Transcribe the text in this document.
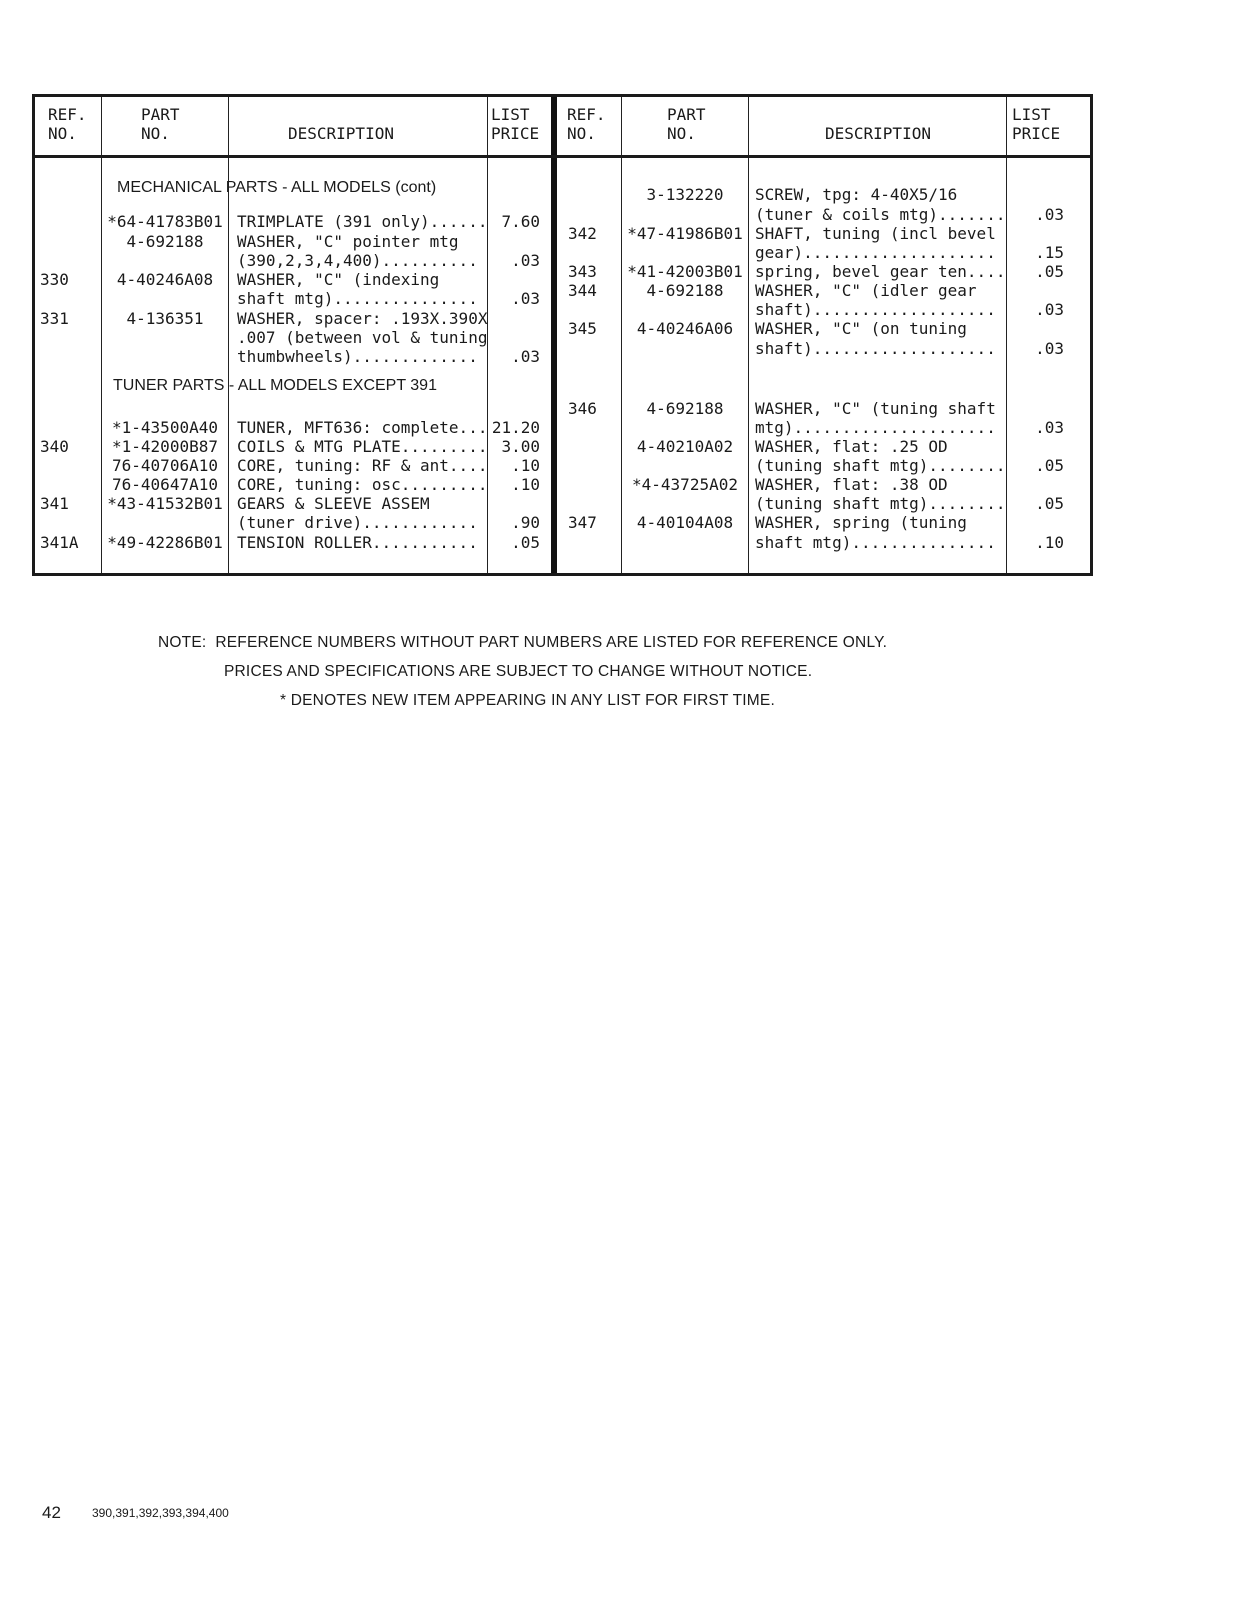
REF.
NO.
PART
NO.	DESCRIPTION
LIST
PRICE
REF.
NO.
PART
NO.	DESCRIPTION
LIST
PRICE
MECHANICAL PARTS - ALL MODELS (cont)
TUNER PARTS - ALL MODELS EXCEPT 391
*64-41783B01 TRIMPLATE (391 only)...... 7.60
4-692188	WASHER, "C" pointer mtg
(390,2,3,4,400)..........	.03
330	4-40246A08	WASHER, "C" (indexing
shaft mtg)...............	.03
331	4-136351	WASHER, spacer: .193X.390X
.007 (between vol & tuning
thumbwheels).............	.03
*1-43500A40	TUNER, MFT636: complete... 21.20
340	*1-42000B87	COILS & MTG PLATE......... 3.00
76-40706A10	CORE, tuning: RF & ant....	.10
76-40647A10	CORE, tuning: osc.........	.10
341 *43-41532B01 GEARS & SLEEVE ASSEM
(tuner drive)............	.90
341A *49-42286B01 TENSION ROLLER...........	.05
3-132220	SCREW, tpg: 4-40X5/16
(tuner & coils mtg).......	.03
342 *47-41986B01 SHAFT, tuning (incl bevel
gear)....................	.15
343 *41-42003B01 spring, bevel gear ten....	.05
344	4-692188	WASHER, "C" (idler gear
shaft)...................	.03
345	4-40246A06	WASHER, "C" (on tuning
shaft)...................	.03
346	4-692188	WASHER, "C" (tuning shaft
mtg).....................	.03
4-40210A02	WASHER, flat: .25 OD
(tuning shaft mtg)........	.05
*4-43725A02	WASHER, flat: .38 OD
(tuning shaft mtg)........	.05
347	4-40104A08	WASHER, spring (tuning
shaft mtg)...............	.10
NOTE:  REFERENCE NUMBERS WITHOUT PART NUMBERS ARE LISTED FOR REFERENCE ONLY.
PRICES AND SPECIFICATIONS ARE SUBJECT TO CHANGE WITHOUT NOTICE.
* DENOTES NEW ITEM APPEARING IN ANY LIST FOR FIRST TIME.
42	390,391,392,393,394,400
